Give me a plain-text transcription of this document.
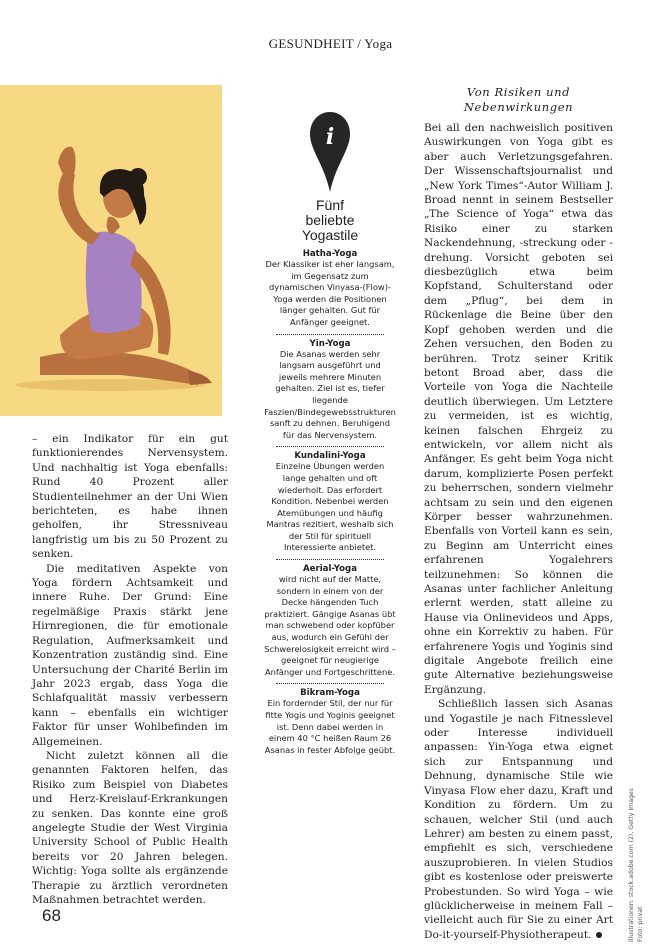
GESUNDHEIT / Yoga

– ein Indikator für ein gut funktionierendes Nervensystem. Und nachhaltig ist Yoga ebenfalls: Rund 40 Prozent aller Studienteilnehmer an der Uni Wien berichteten, es habe ihnen geholfen, ihr Stressniveau langfristig um bis zu 50 Prozent zu senken.

Die meditativen Aspekte von Yoga fördern Achtsamkeit und innere Ruhe. Der Grund: Eine regelmäßige Praxis stärkt jene Hirnregionen, die für emotionale Regulation, Aufmerksamkeit und Konzentration zuständig sind. Eine Untersuchung der Charité Berlin im Jahr 2023 ergab, dass Yoga die Schlafqualität massiv verbessern kann – ebenfalls ein wichtiger Faktor für unser Wohlbefinden im Allgemeinen.

Nicht zuletzt können all die genannten Faktoren helfen, das Risiko zum Beispiel von Diabetes und Herz-Kreislauf-Erkrankungen zu senken. Das konnte eine groß angelegte Studie der West Virginia University School of Public Health bereits vor 20 Jahren belegen. Wichtig: Yoga sollte als ergänzende Therapie zu ärztlich verordneten Maßnahmen betrachtet werden.

i
Fünf
beliebte
Yogastile
Hatha-Yoga
Der Klassiker ist eher langsam, im Gegensatz zum dynamischen Vinyasa-(Flow)-Yoga werden die Positionen länger gehalten. Gut für Anfänger geeignet.
Yin-Yoga
Die Asanas werden sehr langsam ausgeführt und jeweils mehrere Minuten gehalten. Ziel ist es, tiefer liegende Faszien/Bindegewebsstrukturen sanft zu dehnen. Beruhigend für das Nervensystem.
Kundalini-Yoga
Einzelne Übungen werden lange gehalten und oft wiederholt. Das erfordert Kondition. Nebenbei werden Atemübungen und häufig Mantras rezitiert, weshalb sich der Stil für spirituell Interessierte anbietet.
Aerial-Yoga
wird nicht auf der Matte, sondern in einem von der Decke hängenden Tuch praktiziert. Gängige Asanas übt man schwebend oder kopfüber aus, wodurch ein Gefühl der Schwerelosigkeit erreicht wird – geeignet für neugierige Anfänger und Fortgeschrittene.
Bikram-Yoga
Ein fordernder Stil, der nur für fitte Yogis und Yoginis geeignet ist. Denn dabei werden in einem 40 °C heißen Raum 26 Asanas in fester Abfolge geübt.
Von Risiken und
Nebenwirkungen

Bei all den nachweislich positiven Auswirkungen von Yoga gibt es aber auch Verletzungsgefahren. Der Wissenschaftsjournalist und „New York Times“-Autor William J. Broad nennt in seinem Bestseller „The Science of Yoga“ etwa das Risiko einer zu starken Nackendehnung, -streckung oder -drehung. Vorsicht geboten sei diesbezüglich etwa beim Kopfstand, Schulterstand oder dem „Pflug“, bei dem in Rückenlage die Beine über den Kopf gehoben werden und die Zehen versuchen, den Boden zu berühren. Trotz seiner Kritik betont Broad aber, dass die Vorteile von Yoga die Nachteile deutlich überwiegen. Um Letztere zu vermeiden, ist es wichtig, keinen falschen Ehrgeiz zu entwickeln, vor allem nicht als Anfänger. Es geht beim Yoga nicht darum, komplizierte Posen perfekt zu beherrschen, sondern vielmehr achtsam zu sein und den eigenen Körper besser wahrzunehmen. Ebenfalls von Vorteil kann es sein, zu Beginn am Unterricht eines erfahrenen Yogalehrers teilzunehmen: So können die Asanas unter fachlicher Anleitung erlernt werden, statt alleine zu Hause via Onlinevideos und Apps, ohne ein Korrektiv zu haben. Für erfahrenere Yogis und Yoginis sind digitale Angebote freilich eine gute Alternative beziehungsweise Ergänzung.

Schließlich lassen sich Asanas und Yogastile je nach Fitnesslevel oder Interesse individuell anpassen: Yin-Yoga etwa eignet sich zur Entspannung und Dehnung, dynamische Stile wie Vinyasa Flow eher dazu, Kraft und Kondition zu fördern. Um zu schauen, welcher Stil (und auch Lehrer) am besten zu einem passt, empfiehlt es sich, verschiedene auszuprobieren. In vielen Studios gibt es kostenlose oder preiswerte Probestunden. So wird Yoga – wie glücklicherweise in meinem Fall – vielleicht auch für Sie zu einer Art Do-it-yourself-Physiotherapeut.

68	Illustrationen: stock.adobe.com (2), Getty Images Foto: privat
